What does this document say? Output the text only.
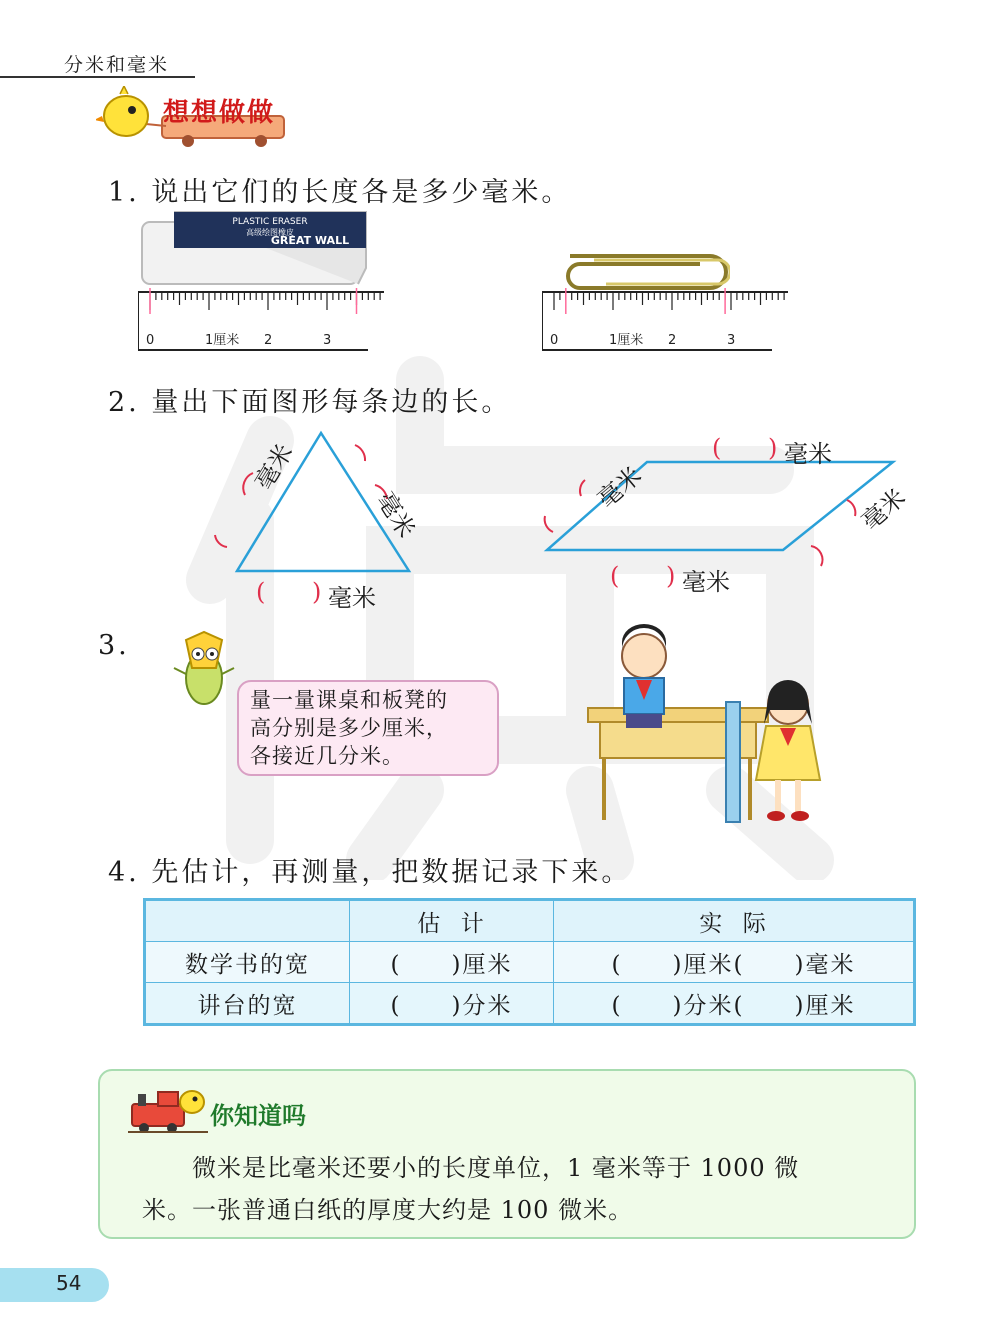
分米和毫米
想想做做
1. 说出它们的长度各是多少毫米。
PLASTIC ERASER
高级绘图橡皮
GREAT WALL
0	1厘米 2	3	0	1厘米 2	3
2. 量出下面图形每条边的长。
毫米
毫米
( ) 毫米
( ) 毫米
毫米	毫米
( ) 毫米
3.
量一量课桌和板凳的
高分别是多少厘米，
各接近几分米。
4. 先估计，再测量，把数据记录下来。
	估  计	实  际
数学书的宽	(　　)厘米	(　　)厘米(　　)毫米
讲台的宽	(　　)分米	(　　)分米(　　)厘米
你知道吗
　　微米是比毫米还要小的长度单位，1 毫米等于 1000 微
米。一张普通白纸的厚度大约是 100 微米。
54
